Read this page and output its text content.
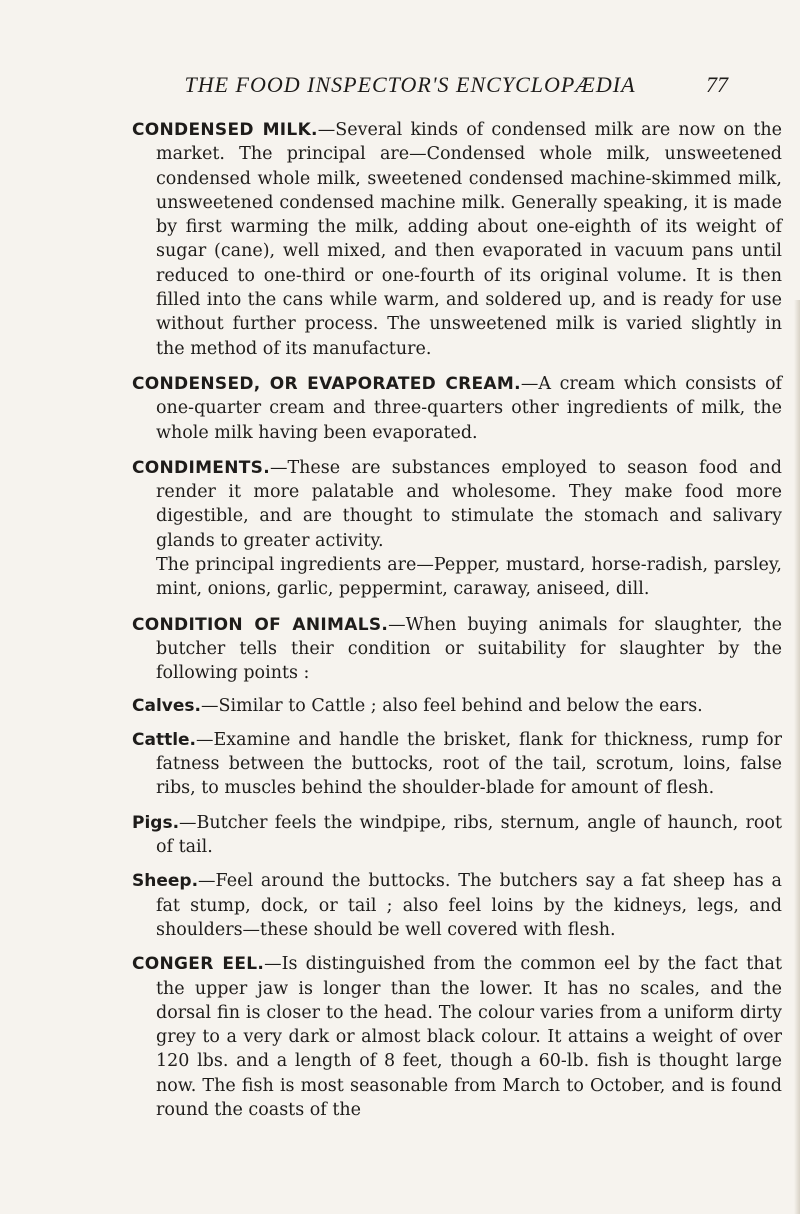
THE FOOD INSPECTOR'S ENCYCLOPÆDIA	77

CONDENSED MILK.—Several kinds of condensed milk are now on the market. The principal are—Condensed whole milk, unsweetened condensed whole milk, sweetened condensed machine-skimmed milk, unsweetened condensed machine milk. Generally speaking, it is made by first warming the milk, adding about one-eighth of its weight of sugar (cane), well mixed, and then evaporated in vacuum pans until reduced to one-third or one-fourth of its original volume. It is then filled into the cans while warm, and soldered up, and is ready for use without further process. The unsweetened milk is varied slightly in the method of its manufacture.

CONDENSED, OR EVAPORATED CREAM.—A cream which consists of one-quarter cream and three-quarters other ingredients of milk, the whole milk having been evaporated.

CONDIMENTS.—These are substances employed to season food and render it more palatable and wholesome. They make food more digestible, and are thought to stimulate the stomach and salivary glands to greater activity.

The principal ingredients are—Pepper, mustard, horse-radish, parsley, mint, onions, garlic, peppermint, caraway, aniseed, dill.

CONDITION OF ANIMALS.—When buying animals for slaughter, the butcher tells their condition or suitability for slaughter by the following points :

Calves.—Similar to Cattle ; also feel behind and below the ears.
Cattle.—Examine and handle the brisket, flank for thickness, rump for fatness between the buttocks, root of the tail, scrotum, loins, false ribs, to muscles behind the shoulder-blade for amount of flesh.
Pigs.—Butcher feels the windpipe, ribs, sternum, angle of haunch, root of tail.
Sheep.—Feel around the buttocks. The butchers say a fat sheep has a fat stump, dock, or tail ; also feel loins by the kidneys, legs, and shoulders—these should be well covered with flesh.

CONGER EEL.—Is distinguished from the common eel by the fact that the upper jaw is longer than the lower. It has no scales, and the dorsal fin is closer to the head. The colour varies from a uniform dirty grey to a very dark or almost black colour. It attains a weight of over 120 lbs. and a length of 8 feet, though a 60-lb. fish is thought large now. The fish is most seasonable from March to October, and is found round the coasts of the
